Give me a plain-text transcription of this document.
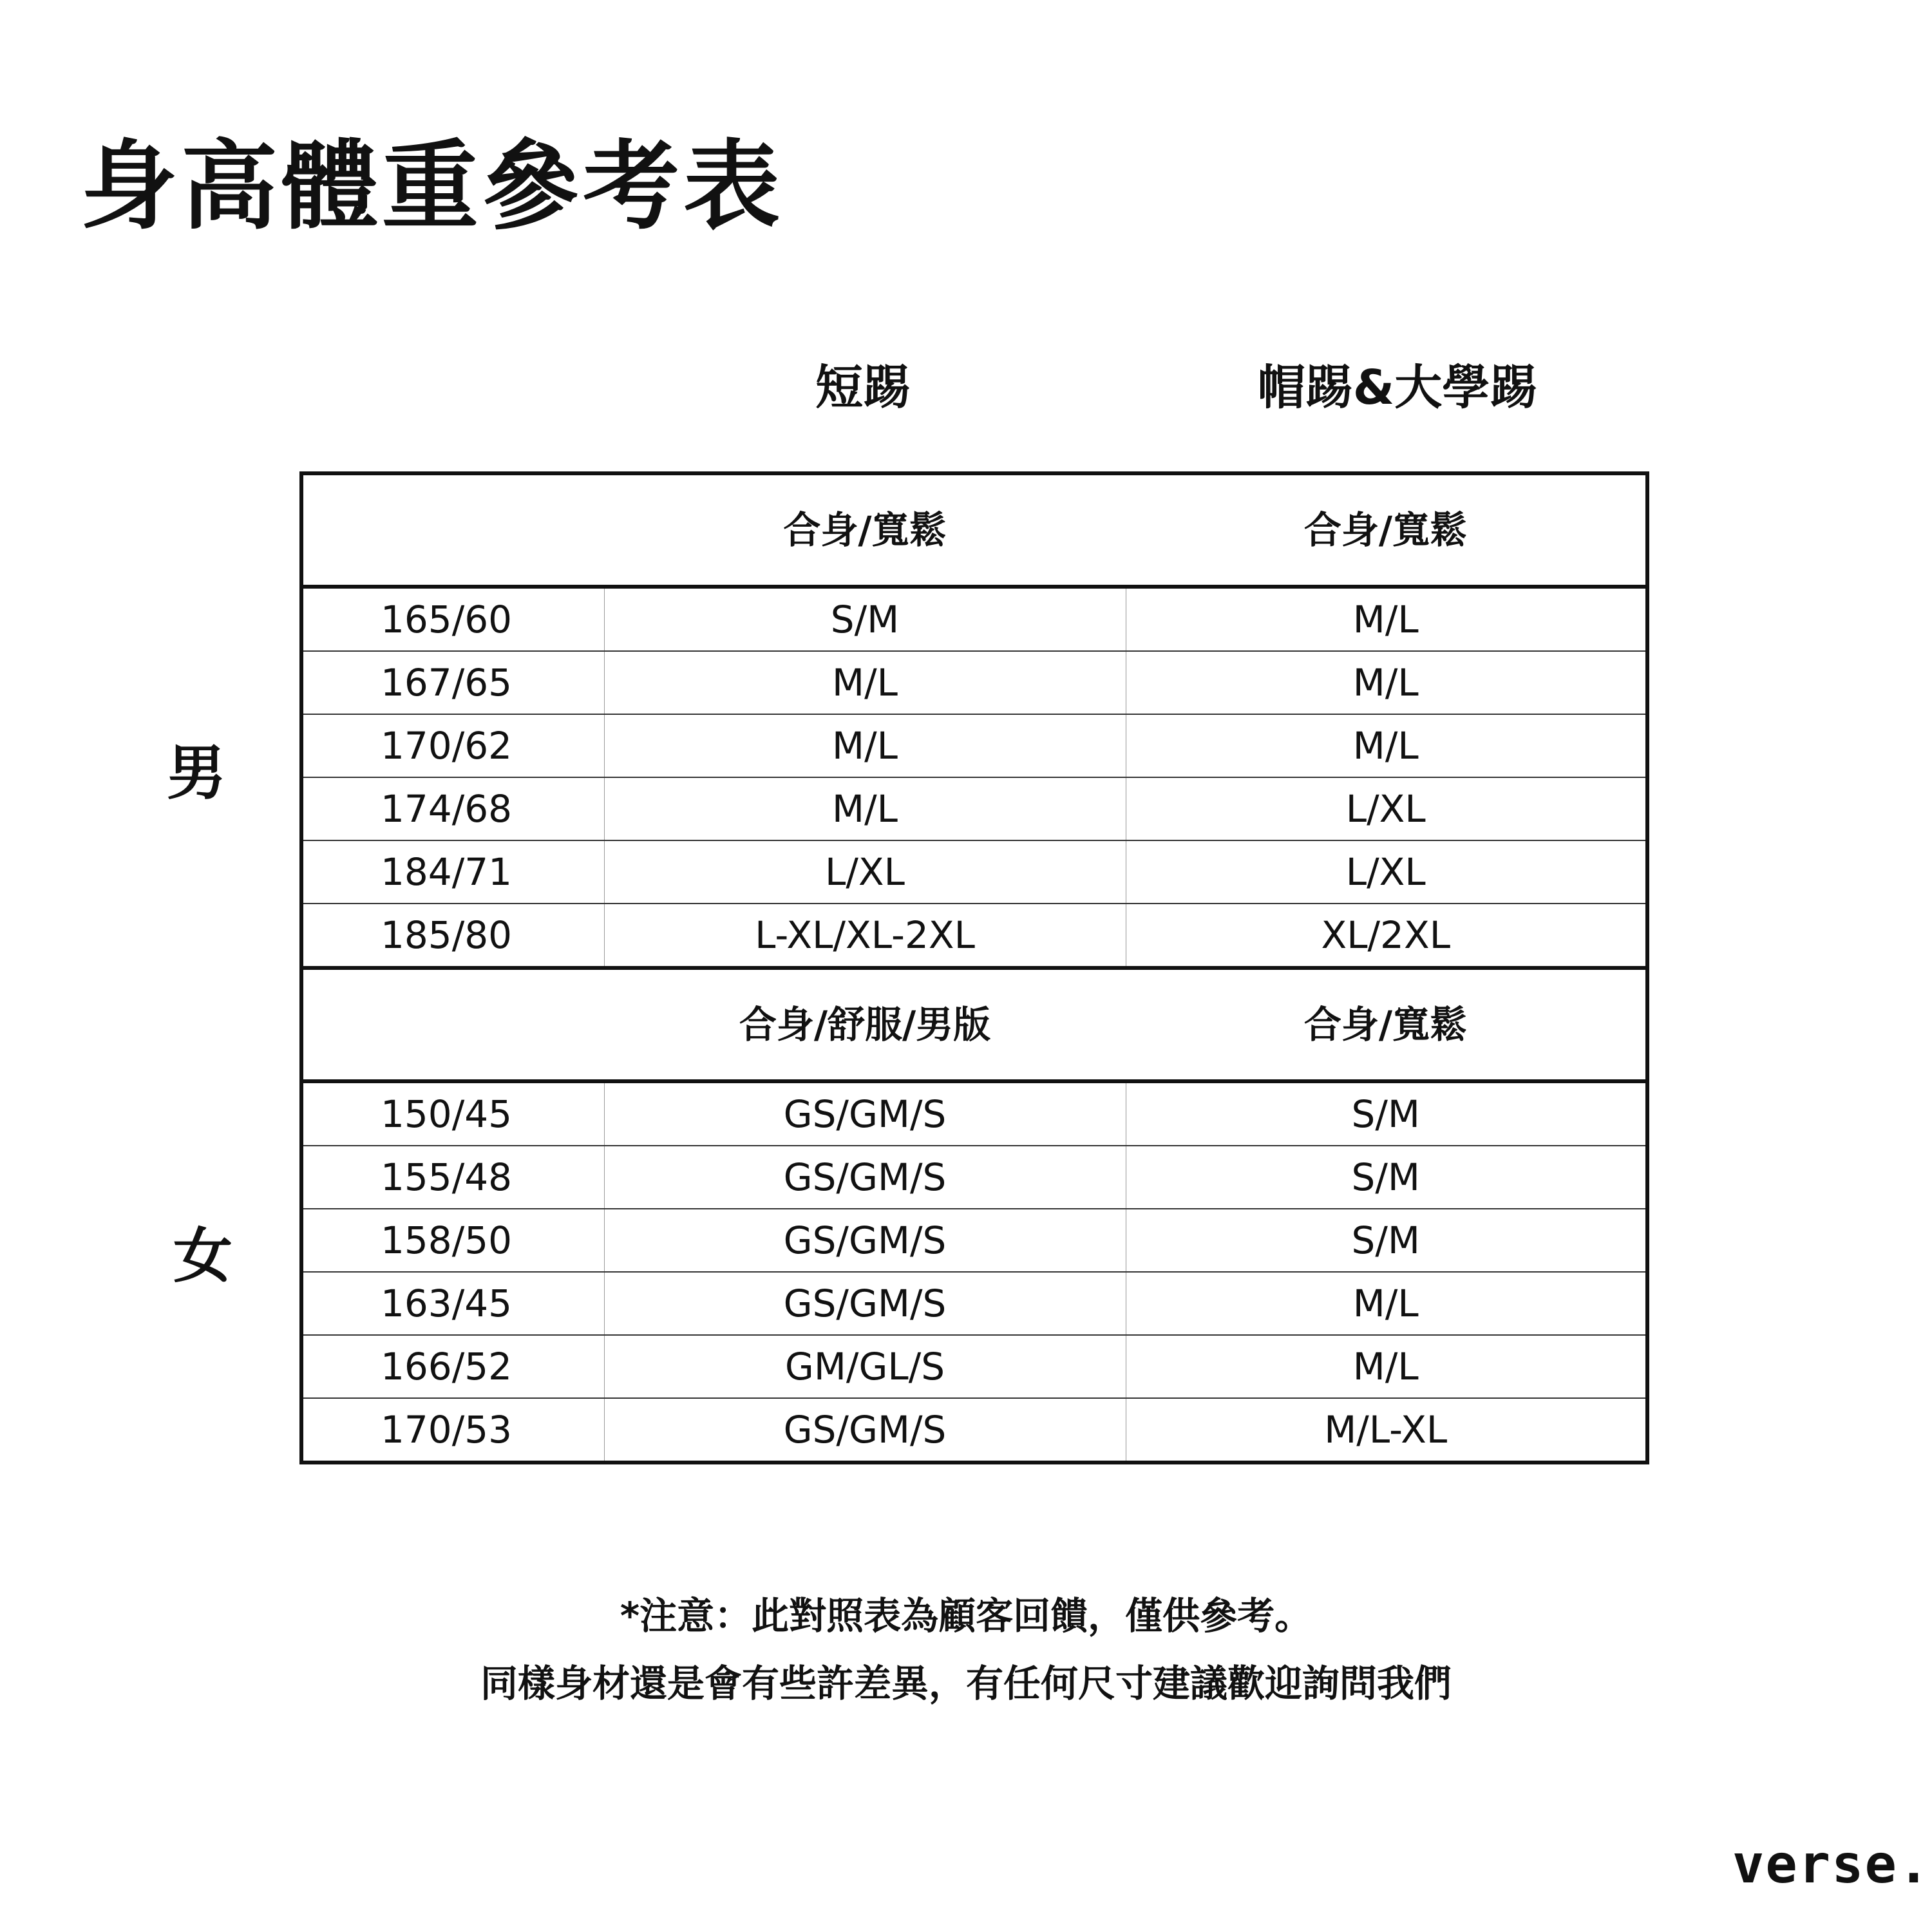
身高體重參考表
短踢	帽踢&大學踢
男
女
	合身/寬鬆	合身/寬鬆
165/60	S/M	M/L
167/65	M/L	M/L
170/62	M/L	M/L
174/68	M/L	L/XL
184/71	L/XL	L/XL
185/80	L-XL/XL-2XL	XL/2XL
	合身/舒服/男版	合身/寬鬆
150/45	GS/GM/S	S/M
155/48	GS/GM/S	S/M
158/50	GS/GM/S	S/M
163/45	GS/GM/S	M/L
166/52	GM/GL/S	M/L
170/53	GS/GM/S	M/L-XL
*注意：此對照表為顧客回饋，僅供參考。
同樣身材還是會有些許差異，有任何尺寸建議歡迎詢問我們
verse.
